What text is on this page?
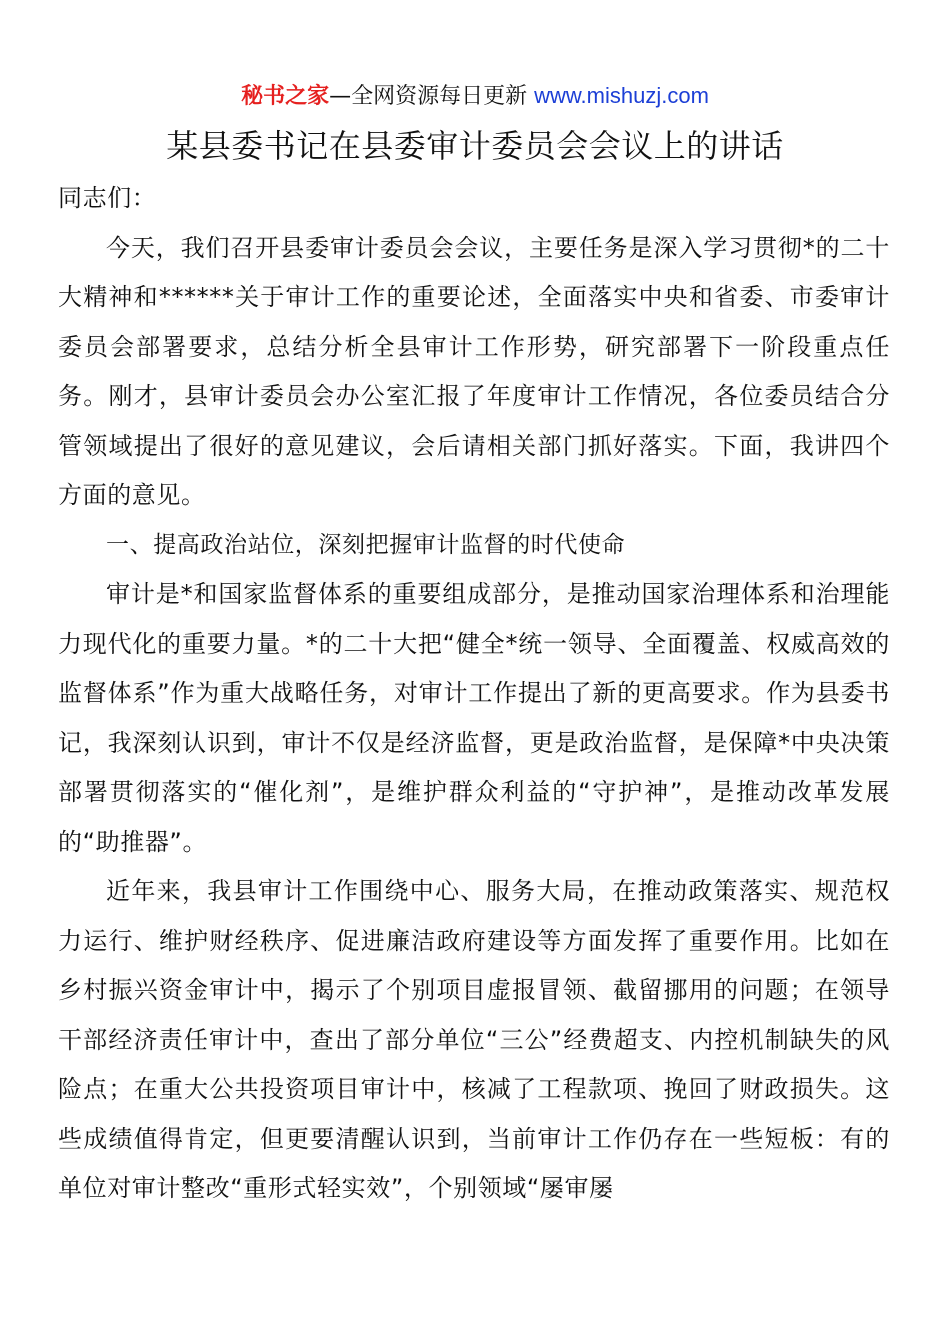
秘书之家—全网资源每日更新 www.mishuzj.com
某县委书记在县委审计委员会会议上的讲话

同志们：

今天，我们召开县委审计委员会会议，主要任务是深入学习贯彻*的二十大精神和******关于审计工作的重要论述，全面落实中央和省委、市委审计委员会部署要求，总结分析全县审计工作形势，研究部署下一阶段重点任务。刚才，县审计委员会办公室汇报了年度审计工作情况，各位委员结合分管领域提出了很好的意见建议，会后请相关部门抓好落实。下面，我讲四个方面的意见。

一、提高政治站位，深刻把握审计监督的时代使命

审计是*和国家监督体系的重要组成部分，是推动国家治理体系和治理能力现代化的重要力量。*的二十大把“健全*统一领导、全面覆盖、权威高效的监督体系”作为重大战略任务，对审计工作提出了新的更高要求。作为县委书记，我深刻认识到，审计不仅是经济监督，更是政治监督，是保障*中央决策部署贯彻落实的“催化剂”，是维护群众利益的“守护神”，是推动改革发展的“助推器”。

近年来，我县审计工作围绕中心、服务大局，在推动政策落实、规范权力运行、维护财经秩序、促进廉洁政府建设等方面发挥了重要作用。比如在乡村振兴资金审计中，揭示了个别项目虚报冒领、截留挪用的问题；在领导干部经济责任审计中，查出了部分单位“三公”经费超支、内控机制缺失的风险点；在重大公共投资项目审计中，核减了工程款项、挽回了财政损失。这些成绩值得肯定，但更要清醒认识到，当前审计工作仍存在一些短板：有的单位对审计整改“重形式轻实效”，个别领域“屡审屡
